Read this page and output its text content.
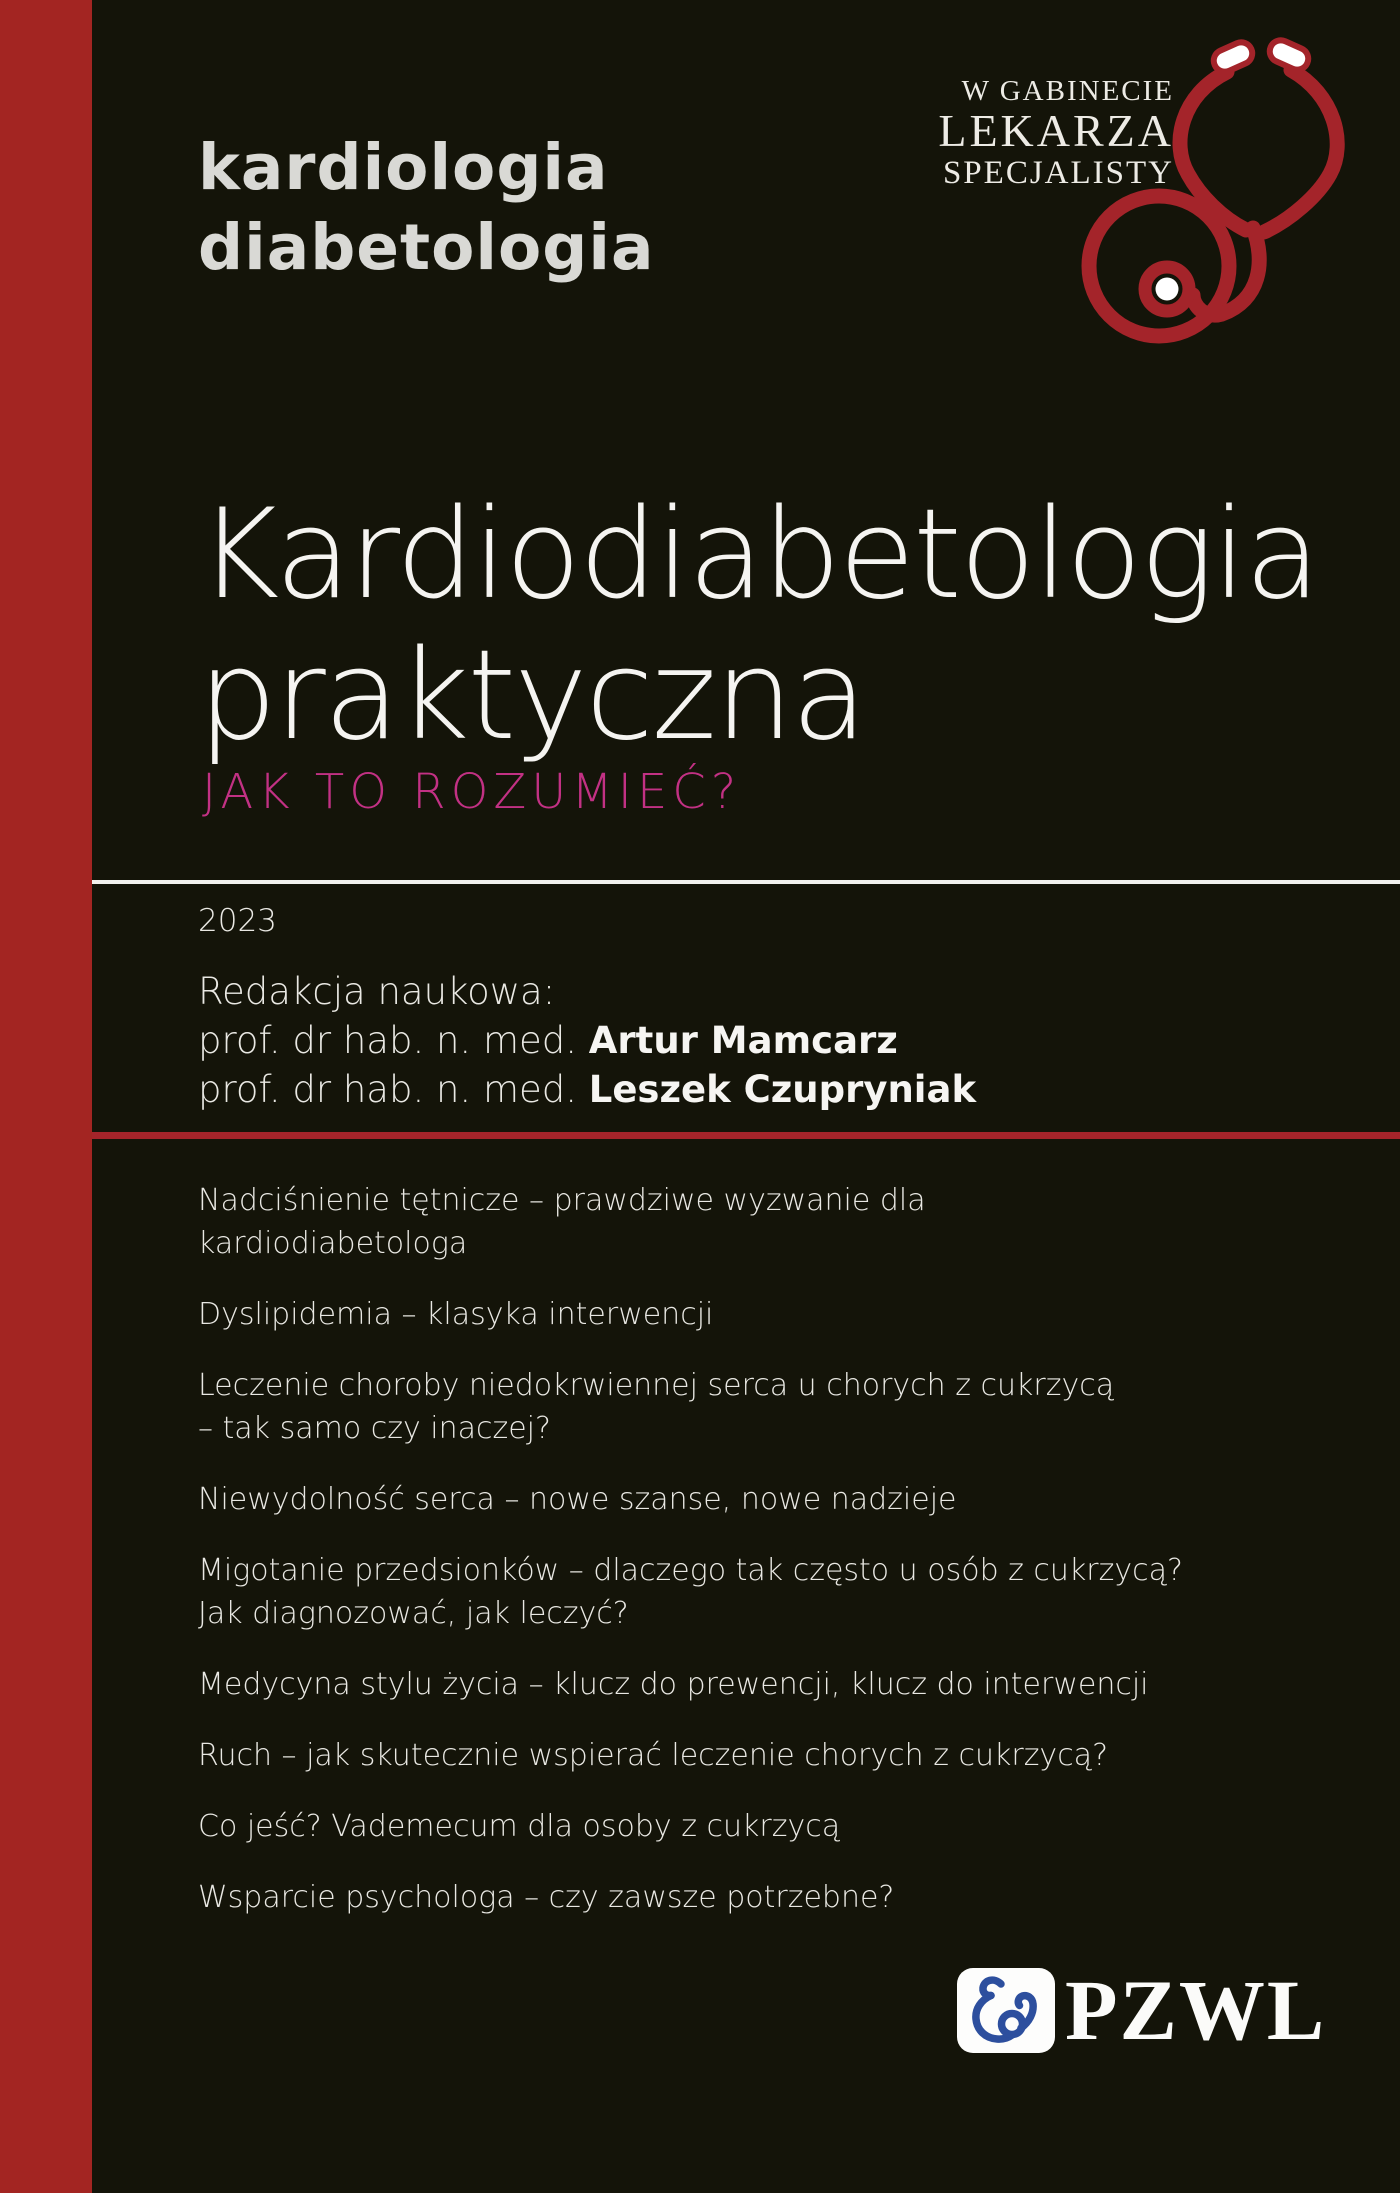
kardiologia
diabetologia
W GABINECIE
LEKARZA
SPECJALISTY
Kardiodiabetologia
praktyczna
JAK TO ROZUMIEĆ?
2023
Redakcja naukowa:
prof. dr hab. n. med. Artur Mamcarz
prof. dr hab. n. med. Leszek Czupryniak
Nadciśnienie tętnicze – prawdziwe wyzwanie dla
kardiodiabetologa
Dyslipidemia – klasyka interwencji
Leczenie choroby niedokrwiennej serca u chorych z cukrzycą
– tak samo czy inaczej?
Niewydolność serca – nowe szanse, nowe nadzieje
Migotanie przedsionków – dlaczego tak często u osób z cukrzycą?
Jak diagnozować, jak leczyć?
Medycyna stylu życia – klucz do prewencji, klucz do interwencji
Ruch – jak skutecznie wspierać leczenie chorych z cukrzycą?
Co jeść? Vademecum dla osoby z cukrzycą
Wsparcie psychologa – czy zawsze potrzebne?
PZWL
